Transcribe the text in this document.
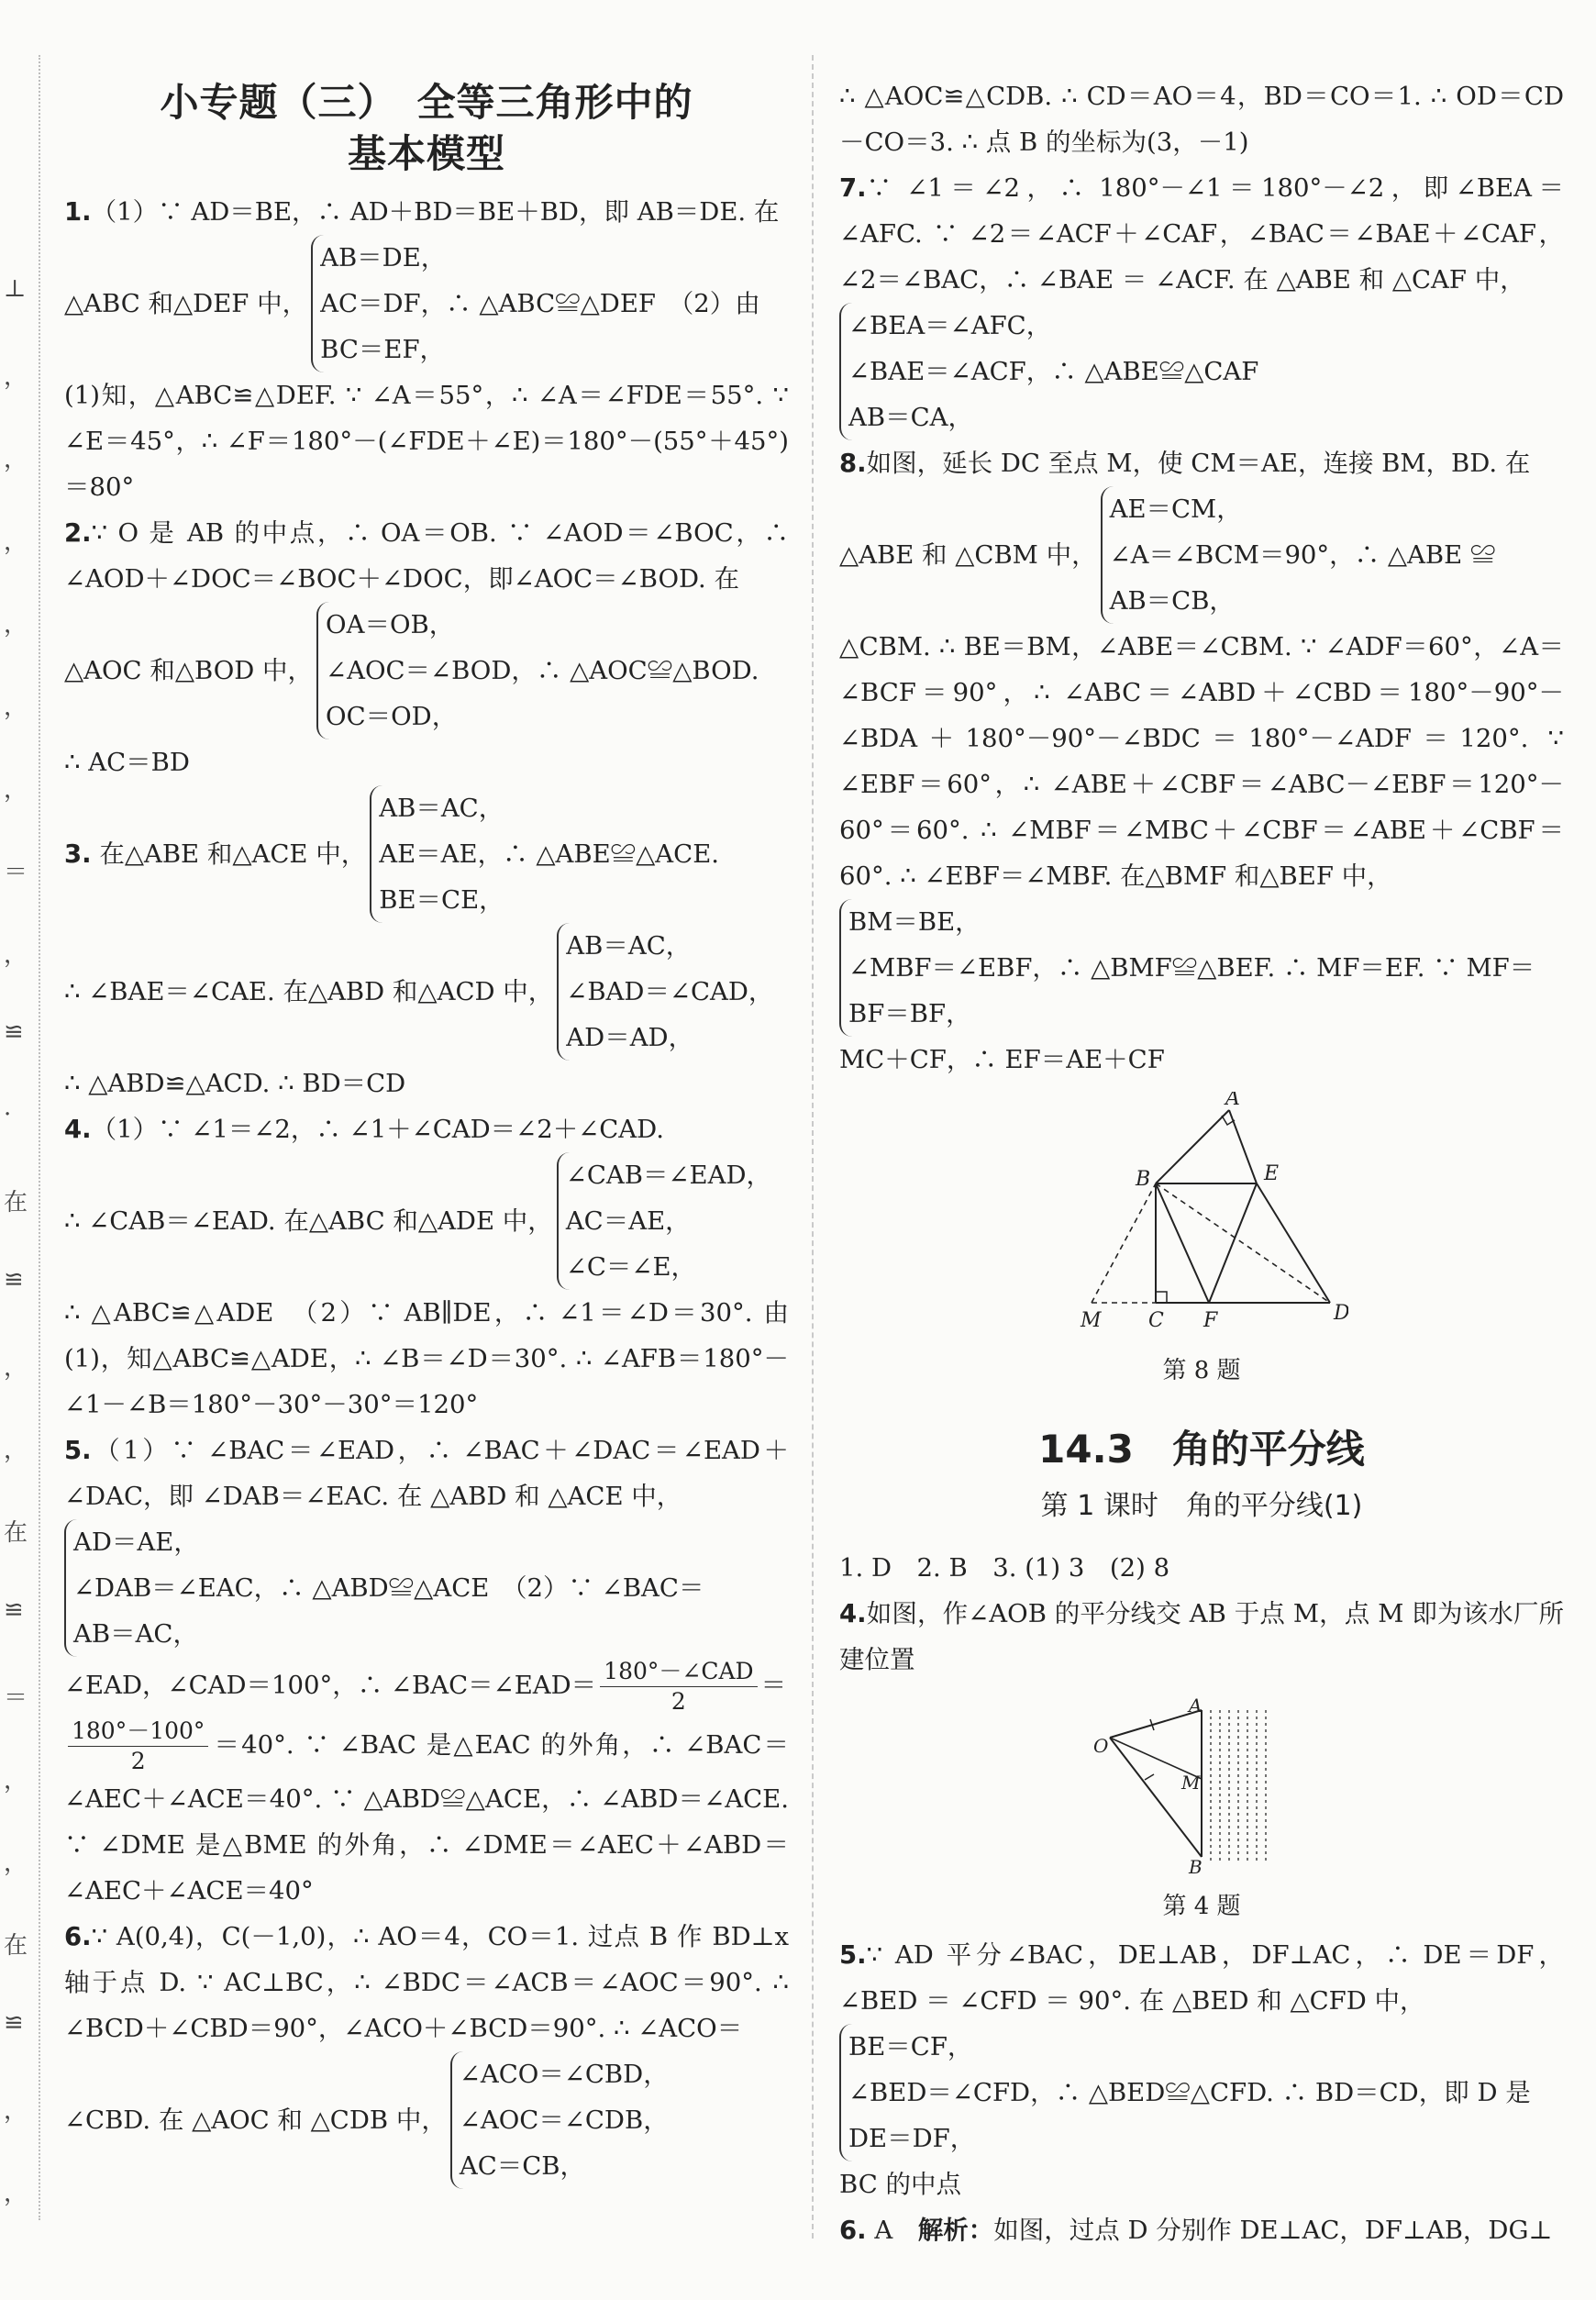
⊥
，
，
，
，
，
，
＝
，
≌
·
在
≌
，
，
在
≌
＝
，
，
在
≌
，
，
小专题（三）　全等三角形中的
基本模型

1.（1）∵ AD＝BE，∴ AD＋BD＝BE＋BD，即 AB＝DE. 在

△ABC 和△DEF 中，
AB＝DE，
AC＝DF，∴ △ABC≌△DEF　（2）由
BC＝EF，

(1)知，△ABC≌△DEF. ∵ ∠A＝55°，∴ ∠A＝∠FDE＝55°. ∵ ∠E＝45°，∴ ∠F＝180°－(∠FDE＋∠E)＝180°－(55°＋45°)＝80°

2.∵ O 是 AB 的中点，∴ OA＝OB. ∵ ∠AOD＝∠BOC，∴ ∠AOD＋∠DOC＝∠BOC＋∠DOC，即∠AOC＝∠BOD. 在

△AOC 和△BOD 中，
OA＝OB，
∠AOC＝∠BOD，∴ △AOC≌△BOD.
OC＝OD，

∴ AC＝BD

3. 在△ABE 和△ACE 中，
AB＝AC，
AE＝AE，∴ △ABE≌△ACE.
BE＝CE，
∴ ∠BAE＝∠CAE. 在△ABD 和△ACD 中，
AB＝AC，
∠BAD＝∠CAD，
AD＝AD，

∴ △ABD≌△ACD. ∴ BD＝CD

4.（1）∵ ∠1＝∠2，∴ ∠1＋∠CAD＝∠2＋∠CAD.

∴ ∠CAB＝∠EAD. 在△ABC 和△ADE 中，
∠CAB＝∠EAD，
AC＝AE，
∠C＝∠E，

∴ △ABC≌△ADE　（2）∵ AB∥DE，∴ ∠1＝∠D＝30°. 由(1)，知△ABC≌△ADE，∴ ∠B＝∠D＝30°. ∴ ∠AFB＝180°－∠1－∠B＝180°－30°－30°＝120°

5.（1）∵ ∠BAC＝∠EAD，∴ ∠BAC＋∠DAC＝∠EAD＋∠DAC，即 ∠DAB＝∠EAC. 在 △ABD 和 △ACE 中，

AD＝AE，
∠DAB＝∠EAC，∴ △ABD≌△ACE　（2）∵ ∠BAC＝
AB＝AC，

∠EAD，∠CAD＝100°，∴ ∠BAC＝∠EAD＝ $\frac{\text{180°－∠CAD}}{2}$ ＝

$\frac{180^\circ-100^\circ}{2} =40^\circ$. ∵ ∠BAC 是△EAC 的外角，∴ ∠BAC＝∠AEC＋∠ACE＝40°. ∵ △ABD≌△ACE，∴ ∠ABD＝∠ACE. ∵ ∠DME 是△BME 的外角，∴ ∠DME＝∠AEC＋∠ABD＝∠AEC＋∠ACE＝40°

6.∵ A(0,4)，C(－1,0)，∴ AO＝4，CO＝1. 过点 B 作 BD⊥x 轴于点 D. ∵ AC⊥BC，∴ ∠BDC＝∠ACB＝∠AOC＝90°. ∴ ∠BCD＋∠CBD＝90°，∠ACO＋∠BCD＝90°. ∴ ∠ACO＝

∠CBD. 在 △AOC 和 △CDB 中，
∠ACO＝∠CBD，
∠AOC＝∠CDB，
AC＝CB，

∴ △AOC≌△CDB. ∴ CD＝AO＝4，BD＝CO＝1. ∴ OD＝CD－CO＝3. ∴ 点 B 的坐标为(3，－1)

7.∵ ∠1＝∠2，∴ 180°－∠1＝180°－∠2，即∠BEA＝∠AFC. ∵ ∠2＝∠ACF＋∠CAF，∠BAC＝∠BAE＋∠CAF，∠2＝∠BAC，∴ ∠BAE ＝ ∠ACF. 在 △ABE 和 △CAF 中，

∠BEA＝∠AFC，
∠BAE＝∠ACF，∴ △ABE≌△CAF
AB＝CA，

8.如图，延长 DC 至点 M，使 CM＝AE，连接 BM，BD. 在

△ABE 和 △CBM 中，
AE＝CM，
∠A＝∠BCM＝90°，∴ △ABE ≌
AB＝CB，

△CBM. ∴ BE＝BM，∠ABE＝∠CBM. ∵ ∠ADF＝60°，∠A＝∠BCF＝90°，∴ ∠ABC＝∠ABD＋∠CBD＝180°－90°－∠BDA＋180°－90°－∠BDC＝180°－∠ADF＝120°. ∵ ∠EBF＝60°，∴ ∠ABE＋∠CBF＝∠ABC－∠EBF＝120°－60°＝60°. ∴ ∠MBF＝∠MBC＋∠CBF＝∠ABE＋∠CBF＝60°. ∴ ∠EBF＝∠MBF. 在△BMF 和△BEF 中，

BM＝BE，
∠MBF＝∠EBF，∴ △BMF≌△BEF. ∴ MF＝EF. ∵ MF＝
BF＝BF，

MC＋CF，∴ EF＝AE＋CF

A
B	E
M C F	D
第 8 题
14.3　角的平分线
第 1 课时　角的平分线(1)

1. D　2. B　3. (1) 3　(2) 8

4.如图，作∠AOB 的平分线交 AB 于点 M，点 M 即为该水厂所建位置

A
O
M
B
第 4 题

5.∵ AD 平分∠BAC，DE⊥AB，DF⊥AC，∴ DE＝DF，∠BED ＝ ∠CFD ＝ 90°. 在 △BED 和 △CFD 中，

BE＝CF，
∠BED＝∠CFD，∴ △BED≌△CFD. ∴ BD＝CD，即 D 是
DE＝DF，

BC 的中点

6. A　 解析：如图，过点 D 分别作 DE⊥AC，DF⊥AB，DG⊥
